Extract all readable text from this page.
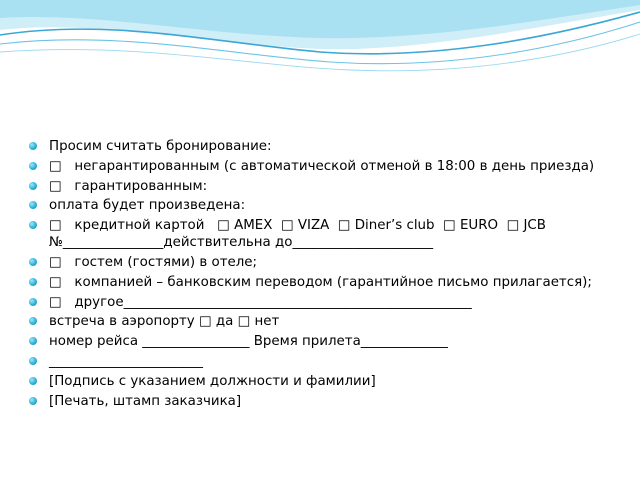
Просим считать бронирование:
□   негарантированным (с автоматической отменой в 18:00 в день приезда)
□   гарантированным:
оплата будет произведена:
□   кредитной картой   □ АМЕХ  □ VIZA  □ Diner’s club  □ EURO  □ JCB №_______________действительна до_____________________
□   гостем (гостями) в отеле;
□   компанией – банковским переводом (гарантийное письмо прилагается);
□   другое____________________________________________________
встреча в аэропорту □ да □ нет
номер рейса ________________ Время прилета_____________
_______________________
[Подпись с указанием должности и фамилии]
[Печать, штамп заказчика]
